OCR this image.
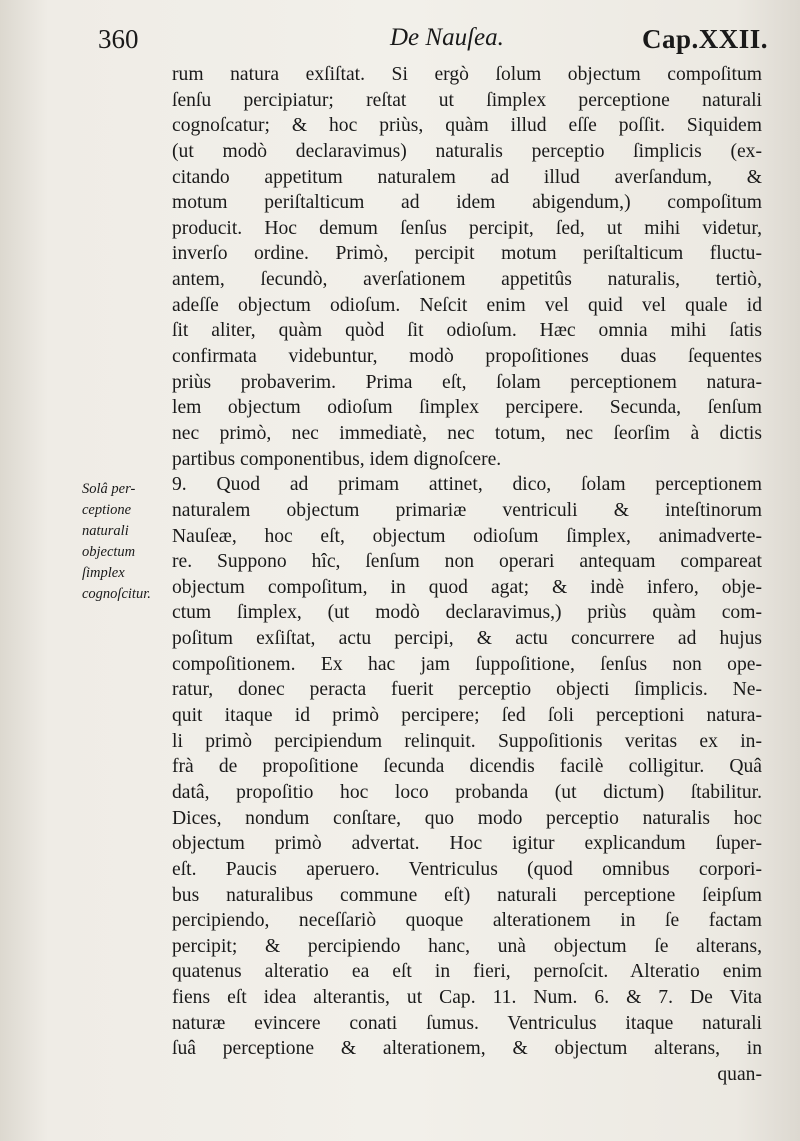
360	De Nauſea.	Cap.XXII.
Solâ per-
ceptione
naturali
objectum
ſimplex
cognoſcitur.
rum natura exſiſtat. Si ergò ſolum objectum compoſitum
ſenſu percipiatur; reſtat ut ſimplex perceptione naturali
cognoſcatur; & hoc priùs, quàm illud eſſe poſſit. Siquidem
(ut modò declaravimus) naturalis perceptio ſimplicis (ex-
citando appetitum naturalem ad illud averſandum, &
motum periſtalticum ad idem abigendum,) compoſitum
producit. Hoc demum ſenſus percipit, ſed, ut mihi videtur,
inverſo ordine. Primò, percipit motum periſtalticum fluctu-
antem, ſecundò, averſationem appetitûs naturalis, tertiò,
adeſſe objectum odioſum. Neſcit enim vel quid vel quale id
ſit aliter, quàm quòd ſit odioſum. Hæc omnia mihi ſatis
confirmata videbuntur, modò propoſitiones duas ſequentes
priùs probaverim. Prima eſt, ſolam perceptionem natura-
lem objectum odioſum ſimplex percipere. Secunda, ſenſum
nec primò, nec immediatè, nec totum, nec ſeorſim à dictis
partibus componentibus, idem dignoſcere.
9. Quod ad primam attinet, dico, ſolam perceptionem
naturalem objectum primariæ ventriculi & inteſtinorum
Nauſeæ, hoc eſt, objectum odioſum ſimplex, animadverte-
re. Suppono hîc, ſenſum non operari antequam compareat
objectum compoſitum, in quod agat; & indè infero, obje-
ctum ſimplex, (ut modò declaravimus,) priùs quàm com-
poſitum exſiſtat, actu percipi, & actu concurrere ad hujus
compoſitionem. Ex hac jam ſuppoſitione, ſenſus non ope-
ratur, donec peracta fuerit perceptio objecti ſimplicis. Ne-
quit itaque id primò percipere; ſed ſoli perceptioni natura-
li primò percipiendum relinquit. Suppoſitionis veritas ex in-
frà de propoſitione ſecunda dicendis facilè colligitur. Quâ
datâ, propoſitio hoc loco probanda (ut dictum) ſtabilitur.
Dices, nondum conſtare, quo modo perceptio naturalis hoc
objectum primò advertat. Hoc igitur explicandum ſuper-
eſt. Paucis aperuero. Ventriculus (quod omnibus corpori-
bus naturalibus commune eſt) naturali perceptione ſeipſum
percipiendo, neceſſariò quoque alterationem in ſe factam
percipit; & percipiendo hanc, unà objectum ſe alterans,
quatenus alteratio ea eſt in fieri, pernoſcit. Alteratio enim
fiens eſt idea alterantis, ut Cap. 11. Num. 6. & 7. De Vita
naturæ evincere conati ſumus. Ventriculus itaque naturali
ſuâ perceptione & alterationem, & objectum alterans, in
quan-
